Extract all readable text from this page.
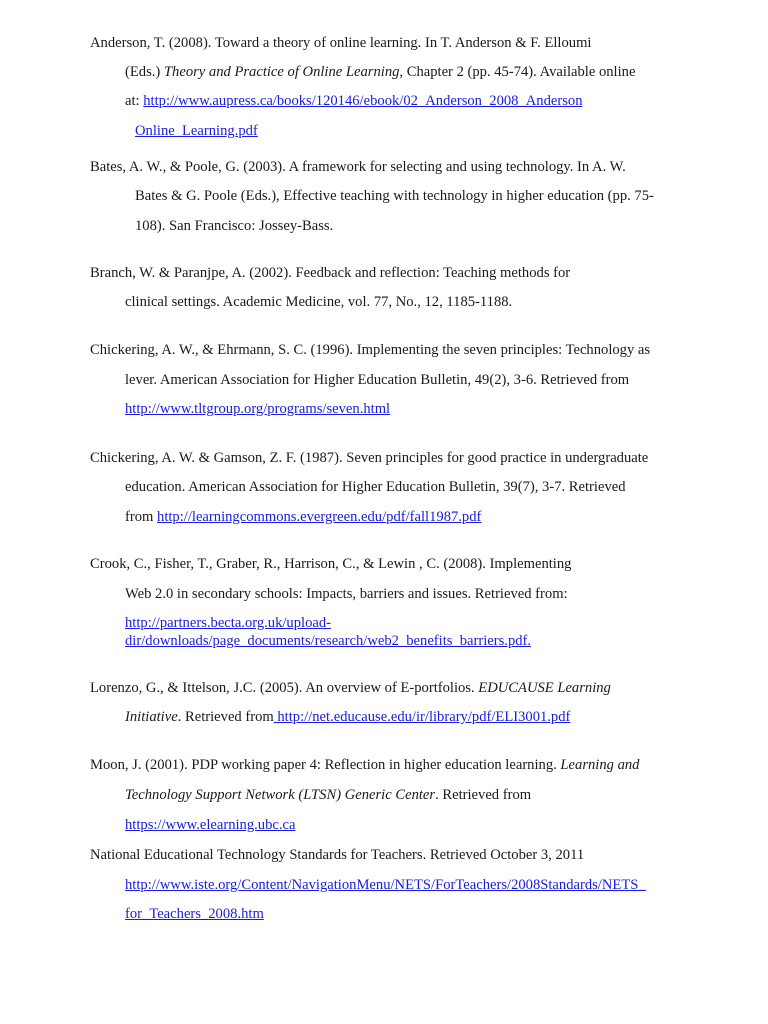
Anderson, T. (2008). Toward a theory of online learning. In T. Anderson & F. Elloumi
(Eds.) Theory and Practice of Online Learning, Chapter 2 (pp. 45-74). Available online
at: http://www.aupress.ca/books/120146/ebook/02_Anderson_2008_Anderson
Online_Learning.pdf
Bates, A. W., & Poole, G. (2003). A framework for selecting and using technology. In A. W.
Bates & G. Poole (Eds.), Effective teaching with technology in higher education (pp. 75-
108). San Francisco: Jossey-Bass.
Branch, W. & Paranjpe, A. (2002). Feedback and reflection: Teaching methods for
clinical settings. Academic Medicine, vol. 77, No., 12, 1185-1188.
Chickering, A. W., & Ehrmann, S. C. (1996). Implementing the seven principles: Technology as
lever. American Association for Higher Education Bulletin, 49(2), 3-6. Retrieved from
http://www.tltgroup.org/programs/seven.html
Chickering, A. W. & Gamson, Z. F. (1987). Seven principles for good practice in undergraduate
education. American Association for Higher Education Bulletin, 39(7), 3-7. Retrieved
from http://learningcommons.evergreen.edu/pdf/fall1987.pdf
Crook, C., Fisher, T., Graber, R., Harrison, C., & Lewin , C. (2008). Implementing
Web 2.0 in secondary schools: Impacts, barriers and issues. Retrieved from:
http://partners.becta.org.uk/upload-
dir/downloads/page_documents/research/web2_benefits_barriers.pdf.
Lorenzo, G., & Ittelson, J.C. (2005). An overview of E-portfolios. EDUCAUSE Learning
Initiative. Retrieved from http://net.educause.edu/ir/library/pdf/ELI3001.pdf
Moon, J. (2001). PDP working paper 4: Reflection in higher education learning. Learning and
Technology Support Network (LTSN) Generic Center. Retrieved from
https://www.elearning.ubc.ca
National Educational Technology Standards for Teachers. Retrieved October 3, 2011
http://www.iste.org/Content/NavigationMenu/NETS/ForTeachers/2008Standards/NETS_
for_Teachers_2008.htm
